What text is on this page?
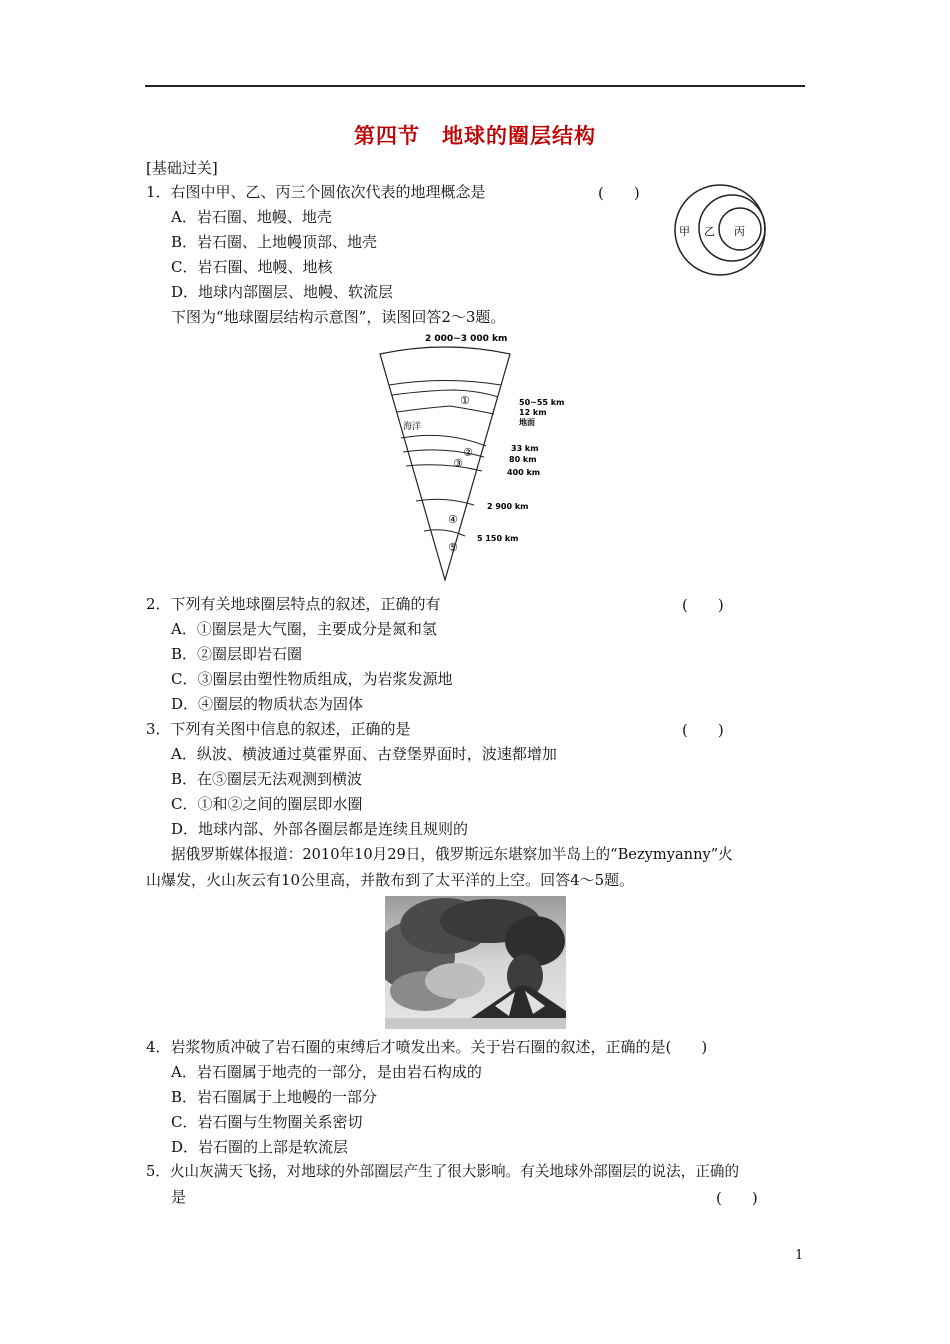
第四节　地球的圈层结构
[基础过关]
1．右图中甲、乙、丙三个圆依次代表的地理概念是	(　　)
A．岩石圈、地幔、地壳
B．岩石圈、上地幔顶部、地壳
C．岩石圈、地幔、地核
D．地球内部圈层、地幔、软流层
甲 乙 丙
下图为“地球圈层结构示意图”，读图回答2～3题。
2 000~3 000 km
①
②
③
④
⑤
海洋
50~55 km
12 km
地面
33 km
80 km
400 km
2 900 km
5 150 km
2．下列有关地球圈层特点的叙述，正确的有	(　　)
A．①圈层是大气圈，主要成分是氮和氢
B．②圈层即岩石圈
C．③圈层由塑性物质组成，为岩浆发源地
D．④圈层的物质状态为固体
3．下列有关图中信息的叙述，正确的是	(　　)
A．纵波、横波通过莫霍界面、古登堡界面时，波速都增加
B．在⑤圈层无法观测到横波
C．①和②之间的圈层即水圈
D．地球内部、外部各圈层都是连续且规则的
据俄罗斯媒体报道：2010年10月29日，俄罗斯远东堪察加半岛上的“Bezymyanny”火
山爆发，火山灰云有10公里高，并散布到了太平洋的上空。回答4～5题。
4．岩浆物质冲破了岩石圈的束缚后才喷发出来。关于岩石圈的叙述，正确的是(　　)
A．岩石圈属于地壳的一部分，是由岩石构成的
B．岩石圈属于上地幔的一部分
C．岩石圈与生物圈关系密切
D．岩石圈的上部是软流层
5．火山灰满天飞扬，对地球的外部圈层产生了很大影响。有关地球外部圈层的说法，正确的
是	(　　)
1
